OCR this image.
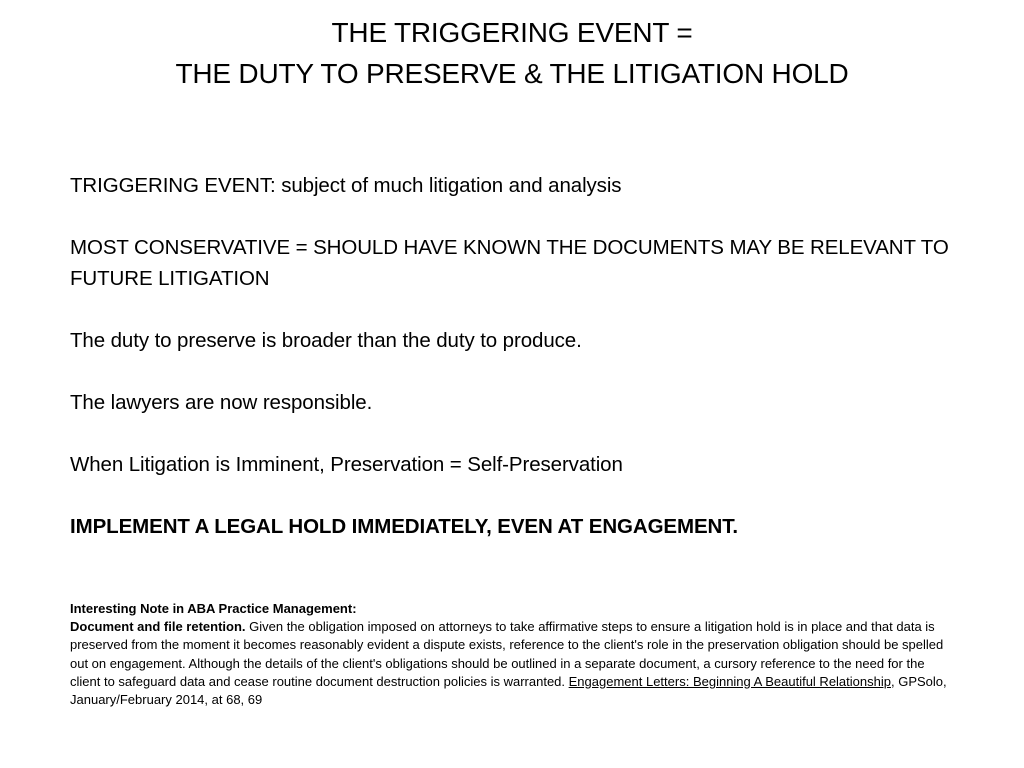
THE TRIGGERING EVENT =
THE DUTY TO PRESERVE & THE LITIGATION HOLD

TRIGGERING EVENT: subject of much litigation and analysis

MOST CONSERVATIVE = SHOULD HAVE KNOWN THE DOCUMENTS MAY BE RELEVANT TO FUTURE LITIGATION

The duty to preserve is broader than the duty to produce.

The lawyers are now responsible.

When Litigation is Imminent, Preservation = Self-Preservation

IMPLEMENT A LEGAL HOLD IMMEDIATELY, EVEN AT ENGAGEMENT.

Interesting Note in ABA Practice Management:
Document and file retention. Given the obligation imposed on attorneys to take affirmative steps to ensure a litigation hold is in place and that data is preserved from the moment it becomes reasonably evident a dispute exists, reference to the client's role in the preservation obligation should be spelled out on engagement. Although the details of the client's obligations should be outlined in a separate document, a cursory reference to the need for the client to safeguard data and cease routine document destruction policies is warranted. Engagement Letters: Beginning A Beautiful Relationship, GPSolo, January/February 2014, at 68, 69
